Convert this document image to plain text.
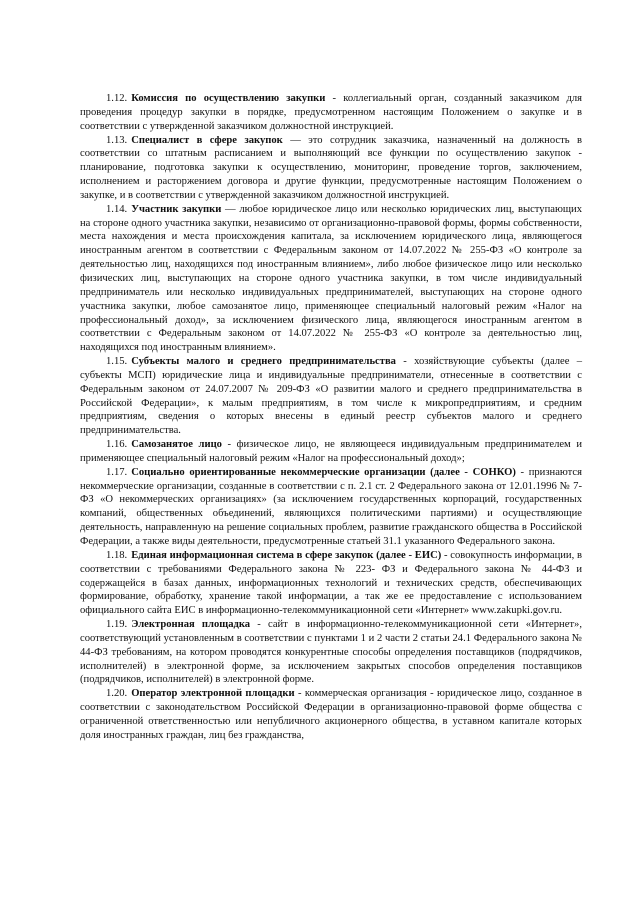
1.12. Комиссия по осуществлению закупки - коллегиальный орган, созданный заказчиком для проведения процедур закупки в порядке, предусмотренном настоящим Положением о закупке и в соответствии с утвержденной заказчиком должностной инструкцией.

1.13. Специалист в сфере закупок — это сотрудник заказчика, назначенный на должность в соответствии со штатным расписанием и выполняющий все функции по осуществлению закупок - планирование, подготовка закупки к осуществлению, мониторинг, проведение торгов, заключением, исполнением и расторжением договора и другие функции, предусмотренные настоящим Положением о закупке, и в соответствии с утвержденной заказчиком должностной инструкцией.

1.14. Участник закупки — любое юридическое лицо или несколько юридических лиц, выступающих на стороне одного участника закупки, независимо от организационно-правовой формы, формы собственности, места нахождения и места происхождения капитала, за исключением юридического лица, являющегося иностранным агентом в соответствии с Федеральным законом от 14.07.2022 № 255-ФЗ «О контроле за деятельностью лиц, находящихся под иностранным влиянием», либо любое физическое лицо или несколько физических лиц, выступающих на стороне одного участника закупки, в том числе индивидуальный предприниматель или несколько индивидуальных предпринимателей, выступающих на стороне одного участника закупки, любое самозанятое лицо, применяющее специальный налоговый режим «Налог на профессиональный доход», за исключением физического лица, являющегося иностранным агентом в соответствии с Федеральным законом от 14.07.2022 № 255-ФЗ «О контроле за деятельностью лиц, находящихся под иностранным влиянием».

1.15. Субъекты малого и среднего предпринимательства - хозяйствующие субъекты (далее – субъекты МСП) юридические лица и индивидуальные предприниматели, отнесенные в соответствии с Федеральным законом от 24.07.2007 № 209-ФЗ «О развитии малого и среднего предпринимательства в Российской Федерации», к малым предприятиям, в том числе к микропредприятиям, и средним предприятиям, сведения о которых внесены в единый реестр субъектов малого и среднего предпринимательства.

1.16. Самозанятое лицо - физическое лицо, не являющееся индивидуальным предпринимателем и применяющее специальный налоговый режим «Налог на профессиональный доход»;

1.17. Социально ориентированные некоммерческие организации (далее - СОНКО) - признаются некоммерческие организации, созданные в соответствии с п. 2.1 ст. 2 Федерального закона от 12.01.1996 № 7-ФЗ «О некоммерческих организациях» (за исключением государственных корпораций, государственных компаний, общественных объединений, являющихся политическими партиями) и осуществляющие деятельность, направленную на решение социальных проблем, развитие гражданского общества в Российской Федерации, а также виды деятельности, предусмотренные статьей 31.1 указанного Федерального закона.

1.18. Единая информационная система в сфере закупок (далее - ЕИС) - совокупность информации, в соответствии с требованиями Федерального закона № 223- ФЗ и Федерального закона № 44-ФЗ и содержащейся в базах данных, информационных технологий и технических средств, обеспечивающих формирование, обработку, хранение такой информации, а так же ее предоставление с использованием официального сайта ЕИС в информационно-телекоммуникационной сети «Интернет» www.zakupki.gov.ru.

1.19. Электронная площадка - сайт в информационно-телекоммуникационной сети «Интернет», соответствующий установленным в соответствии с пунктами 1 и 2 части 2 статьи 24.1 Федерального закона № 44-ФЗ требованиям, на котором проводятся конкурентные способы определения поставщиков (подрядчиков, исполнителей) в электронной форме, за исключением закрытых способов определения поставщиков (подрядчиков, исполнителей) в электронной форме.

1.20. Оператор электронной площадки - коммерческая организация - юридическое лицо, созданное в соответствии с законодательством Российской Федерации в организационно-правовой форме общества с ограниченной ответственностью или непубличного акционерного общества, в уставном капитале которых доля иностранных граждан, лиц без гражданства,
